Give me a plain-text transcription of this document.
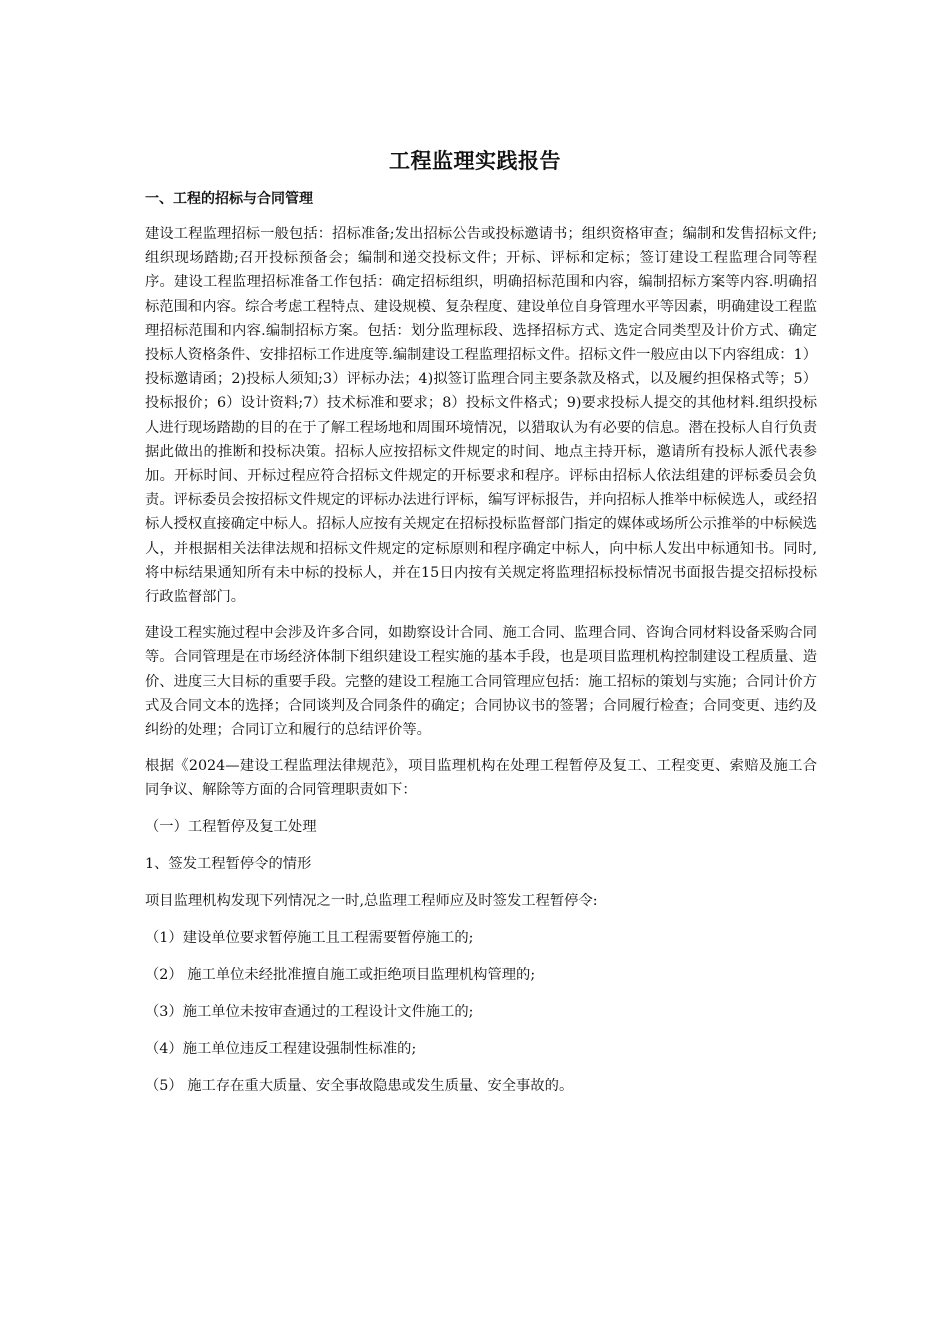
工程监理实践报告
一、工程的招标与合同管理

建设工程监理招标一般包括：招标准备;发出招标公告或投标邀请书；组织资格审查；编制和发售招标文件;组织现场踏勘;召开投标预备会；编制和递交投标文件；开标、评标和定标；签订建设工程监理合同等程序。建设工程监理招标准备工作包括：确定招标组织，明确招标范围和内容，编制招标方案等内容.明确招标范围和内容。综合考虑工程特点、建设规模、复杂程度、建设单位自身管理水平等因素，明确建设工程监理招标范围和内容.编制招标方案。包括：划分监理标段、选择招标方式、选定合同类型及计价方式、确定投标人资格条件、安排招标工作进度等.编制建设工程监理招标文件。招标文件一般应由以下内容组成：1）投标邀请函；2)投标人须知;3）评标办法；4)拟签订监理合同主要条款及格式，以及履约担保格式等；5）投标报价；6）设计资料;7）技术标准和要求；8）投标文件格式；9)要求投标人提交的其他材料.组织投标人进行现场踏勘的目的在于了解工程场地和周围环境情况，以猎取认为有必要的信息。潜在投标人自行负责据此做出的推断和投标决策。招标人应按招标文件规定的时间、地点主持开标，邀请所有投标人派代表参加。开标时间、开标过程应符合招标文件规定的开标要求和程序。评标由招标人依法组建的评标委员会负责。评标委员会按招标文件规定的评标办法进行评标，编写评标报告，并向招标人推举中标候选人，或经招标人授权直接确定中标人。招标人应按有关规定在招标投标监督部门指定的媒体或场所公示推举的中标候选人，并根据相关法律法规和招标文件规定的定标原则和程序确定中标人，向中标人发出中标通知书。同时,将中标结果通知所有未中标的投标人，并在15日内按有关规定将监理招标投标情况书面报告提交招标投标行政监督部门。

建设工程实施过程中会涉及许多合同，如勘察设计合同、施工合同、监理合同、咨询合同材料设备采购合同等。合同管理是在市场经济体制下组织建设工程实施的基本手段，也是项目监理机构控制建设工程质量、造价、进度三大目标的重要手段。完整的建设工程施工合同管理应包括：施工招标的策划与实施；合同计价方式及合同文本的选择；合同谈判及合同条件的确定；合同协议书的签署；合同履行检查；合同变更、违约及纠纷的处理；合同订立和履行的总结评价等。

根据《2024—建设工程监理法律规范》，项目监理机构在处理工程暂停及复工、工程变更、索赔及施工合同争议、解除等方面的合同管理职责如下：

（一）工程暂停及复工处理

1、签发工程暂停令的情形

项目监理机构发现下列情况之一时,总监理工程师应及时签发工程暂停令:

（1）建设单位要求暂停施工且工程需要暂停施工的;

（2） 施工单位未经批准擅自施工或拒绝项目监理机构管理的;

（3）施工单位未按审查通过的工程设计文件施工的;

（4）施工单位违反工程建设强制性标准的;

（5） 施工存在重大质量、安全事故隐患或发生质量、安全事故的。
